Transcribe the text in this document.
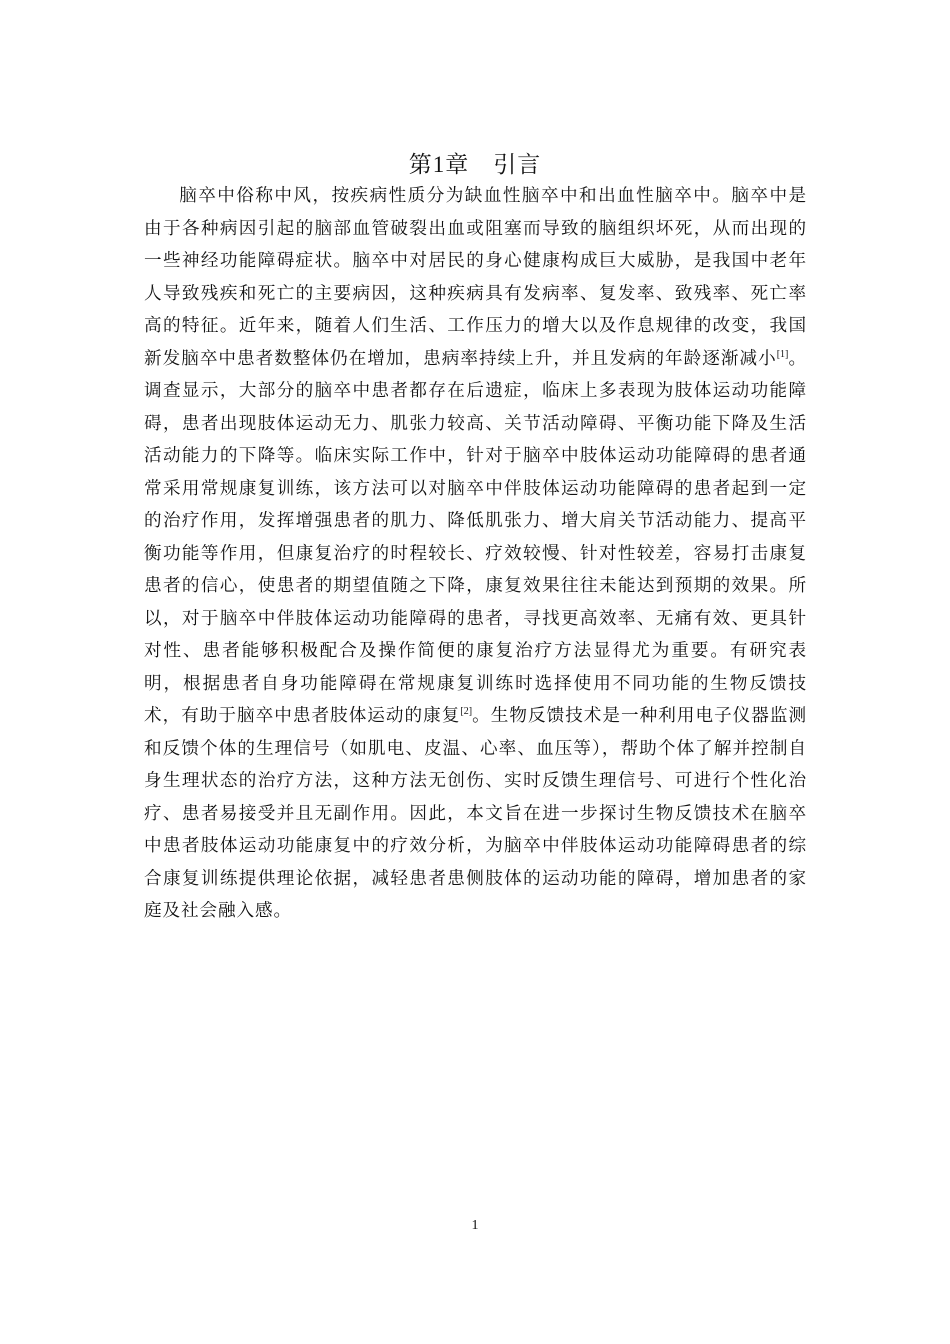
第1章　 引言

脑卒中俗称中风，按疾病性质分为缺血性脑卒中和出血性脑卒中。脑卒中是由于各种病因引起的脑部血管破裂出血或阻塞而导致的脑组织坏死，从而出现的一些神经功能障碍症状。脑卒中对居民的身心健康构成巨大威胁，是我国中老年人导致残疾和死亡的主要病因，这种疾病具有发病率、复发率、致残率、死亡率高的特征。近年来，随着人们生活、工作压力的增大以及作息规律的改变，我国新发脑卒中患者数整体仍在增加，患病率持续上升，并且发病的年龄逐渐减小[1]。调查显示，大部分的脑卒中患者都存在后遗症，临床上多表现为肢体运动功能障碍，患者出现肢体运动无力、肌张力较高、关节活动障碍、平衡功能下降及生活活动能力的下降等。临床实际工作中，针对于脑卒中肢体运动功能障碍的患者通常采用常规康复训练，该方法可以对脑卒中伴肢体运动功能障碍的患者起到一定的治疗作用，发挥增强患者的肌力、降低肌张力、增大肩关节活动能力、提高平衡功能等作用，但康复治疗的时程较长、疗效较慢、针对性较差，容易打击康复患者的信心，使患者的期望值随之下降，康复效果往往未能达到预期的效果。所以，对于脑卒中伴肢体运动功能障碍的患者，寻找更高效率、无痛有效、更具针对性、患者能够积极配合及操作简便的康复治疗方法显得尤为重要。有研究表明，根据患者自身功能障碍在常规康复训练时选择使用不同功能的生物反馈技术，有助于脑卒中患者肢体运动的康复[2]。生物反馈技术是一种利用电子仪器监测和反馈个体的生理信号（如肌电、皮温、心率、血压等），帮助个体了解并控制自身生理状态的治疗方法，这种方法无创伤、实时反馈生理信号、可进行个性化治疗、患者易接受并且无副作用。因此，本文旨在进一步探讨生物反馈技术在脑卒中患者肢体运动功能康复中的疗效分析，为脑卒中伴肢体运动功能障碍患者的综合康复训练提供理论依据，减轻患者患侧肢体的运动功能的障碍，增加患者的家庭及社会融入感。

1
